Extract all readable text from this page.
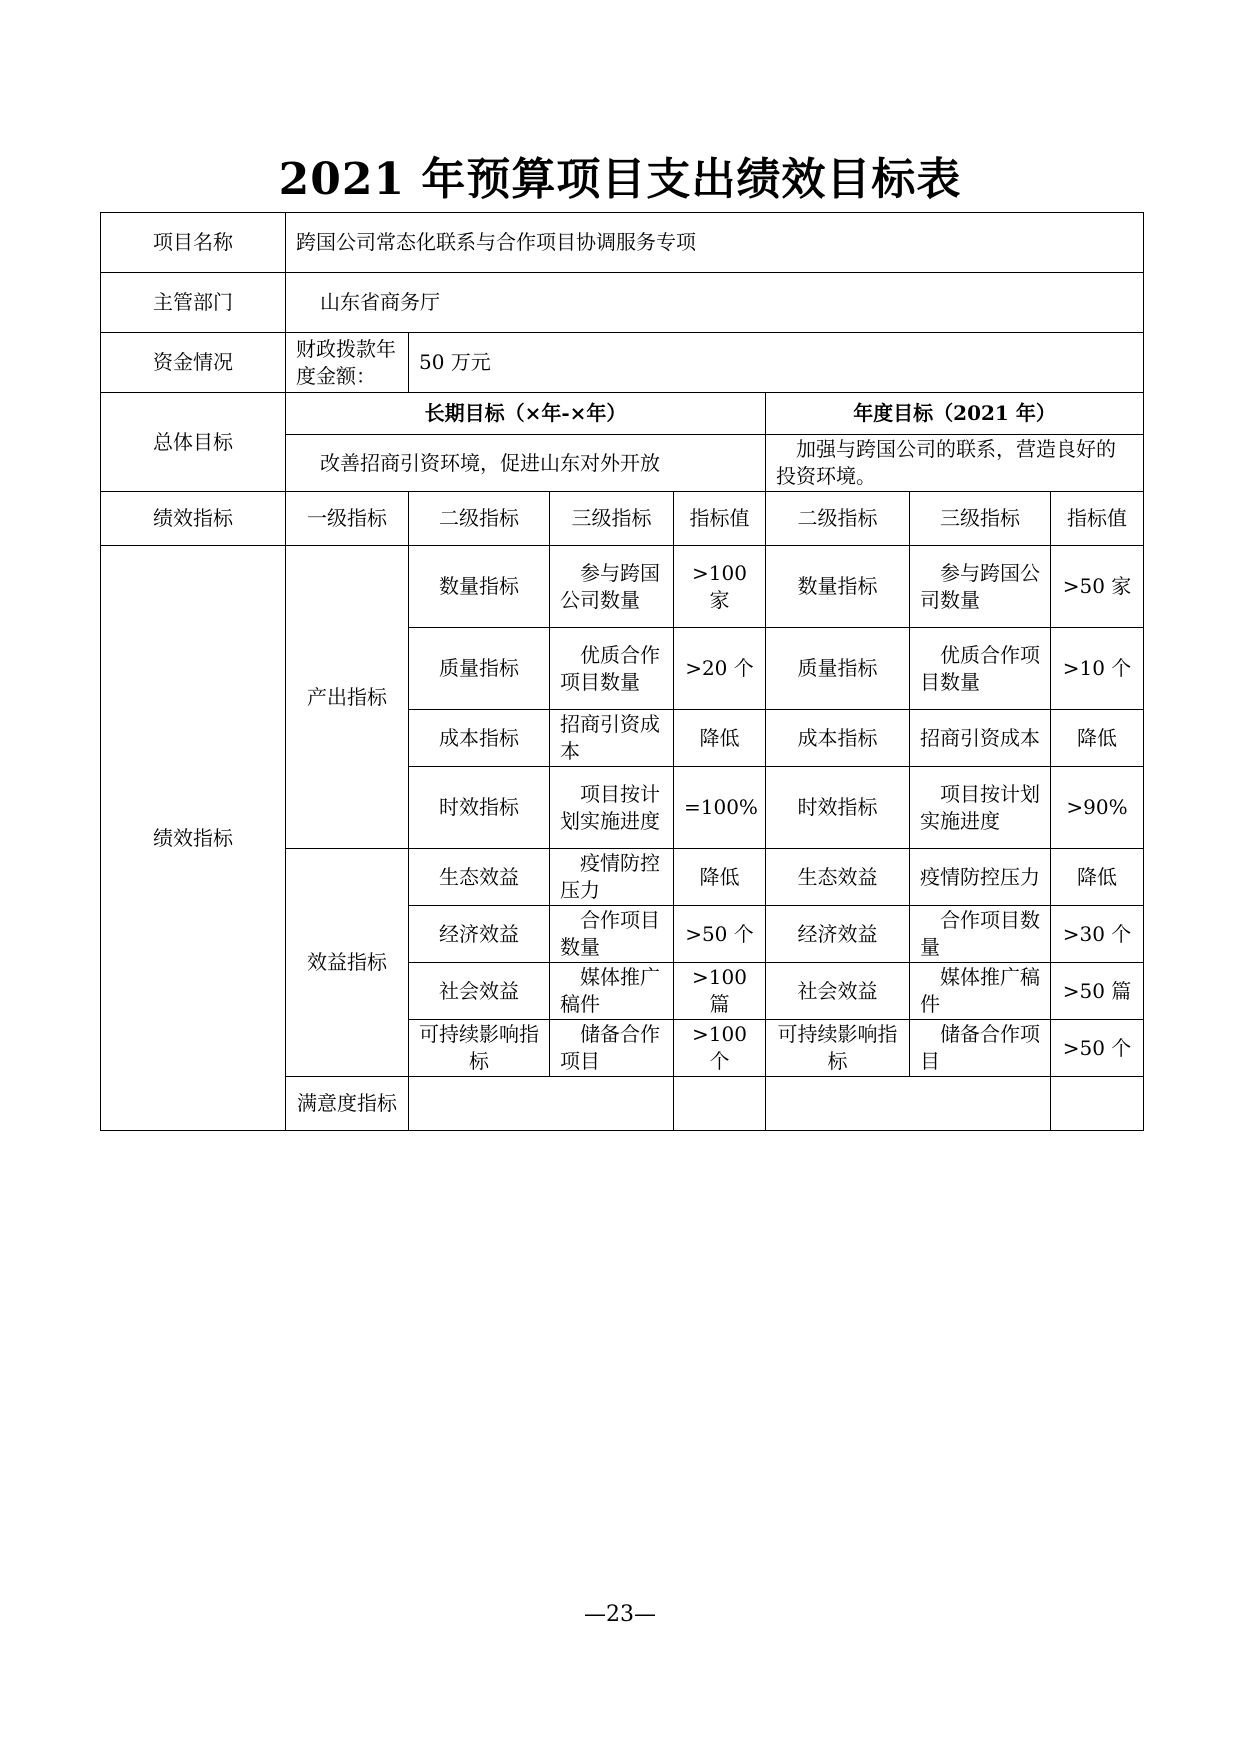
2021 年预算项目支出绩效目标表
项目名称	跨国公司常态化联系与合作项目协调服务专项						
主管部门	山东省商务厅						
资金情况	财政拨款年度金额：	50 万元					
总体目标	长期目标（×年-×年）				年度目标（2021 年）		
	改善招商引资环境，促进山东对外开放				加强与跨国公司的联系，营造良好的投资环境。		
绩效指标	一级指标	二级指标	三级指标	指标值	二级指标	三级指标	指标值
绩效指标	产出指标	数量指标	参与跨国公司数量	>100 家	数量指标	参与跨国公司数量	>50 家
		质量指标	优质合作项目数量	>20 个	质量指标	优质合作项目数量	>10 个
		成本指标	招商引资成本	降低	成本指标	招商引资成本	降低
		时效指标	项目按计划实施进度	=100%	时效指标	项目按计划实施进度	>90%
	效益指标	生态效益	疫情防控压力	降低	生态效益	疫情防控压力	降低
		经济效益	合作项目数量	>50 个	经济效益	合作项目数量	>30 个
		社会效益	媒体推广稿件	>100 篇	社会效益	媒体推广稿件	>50 篇
		可持续影响指标	储备合作项目	>100 个	可持续影响指标	储备合作项目	>50 个
	满意度指标						
—23—
